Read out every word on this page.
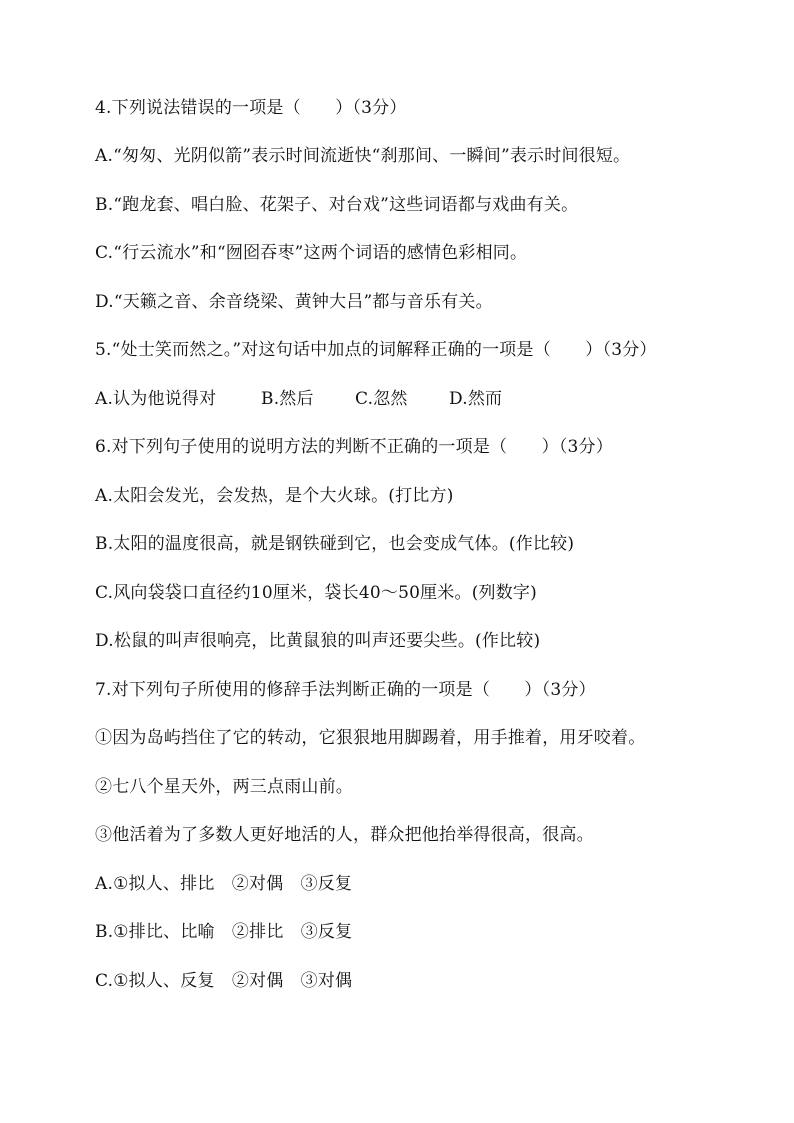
4.下列说法错误的一项是（　　）（3分）
A.“匆匆、光阴似箭”表示时间流逝快“刹那间、一瞬间”表示时间很短。
B.“跑龙套、唱白脸、花架子、对台戏”这些词语都与戏曲有关。
C.“行云流水”和“囫囵吞枣”这两个词语的感情色彩相同。
D.“天籁之音、余音绕梁、黄钟大吕”都与音乐有关。
5.“处士笑而然之。”对这句话中加点的词解释正确的一项是（　　）（3分）
A.认为他说得对	B.然后	C.忽然	D.然而
6.对下列句子使用的说明方法的判断不正确的一项是（　　）（3分）
A.太阳会发光，会发热，是个大火球。(打比方)
B.太阳的温度很高，就是钢铁碰到它，也会变成气体。(作比较)
C.风向袋袋口直径约10厘米，袋长40～50厘米。(列数字)
D.松鼠的叫声很响亮，比黄鼠狼的叫声还要尖些。(作比较)
7.对下列句子所使用的修辞手法判断正确的一项是（　　）（3分）
①因为岛屿挡住了它的转动，它狠狠地用脚踢着，用手推着，用牙咬着。
②七八个星天外，两三点雨山前。
③他活着为了多数人更好地活的人，群众把他抬举得很高，很高。
A.①拟人、排比　②对偶　③反复
B.①排比、比喻　②排比　③反复
C.①拟人、反复　②对偶　③对偶
